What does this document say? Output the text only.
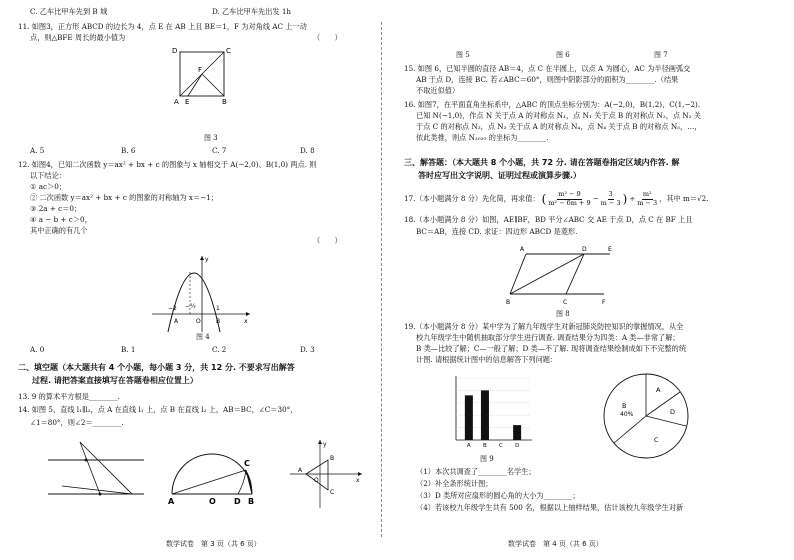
C. 乙车比甲车先到 B 城	D. 乙车比甲车先出发 1h
11. 如图3，正方形 ABCD 的边长为 4，点 E 在 AB 上且 BE＝1，F 为对角线 AC 上一动
点，则△BFE 周长的最小值为	（　　）
D	C
A	B
E
F
图 3
A. 5	B. 6	C. 7	D. 8
12. 如图4，已知二次函数 y＝ax² + bx + c 的图象与 x 轴相交于 A(−2,0)、B(1,0) 两点. 则
以下结论：
① ac＞0；
② 二次函数 y＝ax² + bx + c 的图象的对称轴为 x＝−1；
③ 2a + c＝0；
④ a − b + c＞0，
其中正确的有几个
（　　）
−2 −½	1
A	O	B	x
y
图 4
A. 0	B. 1	C. 2	D. 3
二、填空题（本大题共有 4 个小题，每小题 3 分，共 12 分. 不要求写出解答
过程. 请把答案直接填写在答题卷相应位置上）
13. 9 的算术平方根是________.
14. 如图 5，直线 l₁∥l₂，点 A 在直线 l₁ 上，点 B 在直线 l₂ 上，AB＝BC，∠C＝30°，
∠1＝80°，则∠2＝________.
C
A	O D B
y
x
O
B
C
A
数学试卷　第 3 页（共 6 页）
图 5	图 6	图 7
15. 如图 6，已知半圆的直径 AB＝4，点 C 在半圆上，以点 A 为圆心，AC 为半径画弧交
AB 于点 D，连接 BC. 若∠ABC＝60°，则图中阴影部分的面积为________.（结果
不取近似值）
16. 如图7，在平面直角坐标系中，△ABC 的顶点坐标分别为：A(−2,0)，B(1,2)，C(1,−2).
已知 N(−1,0)，作点 N 关于点 A 的对称点 N₁，点 N₁ 关于点 B 的对称点 N₂，点 N₂ 关
于点 C 的对称点 N₃，点 N₃ 关于点 A 的对称点 N₄，点 N₄ 关于点 B 的对称点 N₅，…，
依此类推，则点 N₂₀₂₀ 的坐标为________.
三、解答题：（本大题共 8 个小题，共 72 分. 请在答题卷指定区域内作答. 解
答时应写出文字说明、证明过程或演算步骤.）
17.（本小题满分 8 分）先化简，再求值： ( m² − 9
$m^2 - 6m + 9 - \frac{3}{m - 3}$ ) ÷ $\frac{\text{m²}}{m - 3}$ ，其中 m＝√2.
18.（本小题满分 8 分）如图，AE∥BF，BD 平分∠ABC 交 AE 于点 D，点 C 在 BF 上且
BC＝AB，连接 CD. 求证：四边形 ABCD 是菱形.
A	D	E
B	C	F
图 8
19.（本小题满分 8 分）某中学为了解九年级学生对新冠肺炎防控知识的掌握情况，从全
校九年级学生中随机抽取部分学生进行调查. 调查结果分为四类：A 类—非常了解；
B 类—比较了解；C—一般了解；D 类—不了解. 现将调查结果绘制成如下不完整的统
计图. 请根据统计图中的信息解答下列问题：
A B C D
B
40%
A
D
C
图 9
（1）本次共调查了________名学生；
（2）补全条形统计图；
（3）D 类所对应扇形的圆心角的大小为________；
（4）若该校九年级学生共有 500 名，根据以上抽样结果，估计该校九年级学生对新
数学试卷　第 4 页（共 6 页）
